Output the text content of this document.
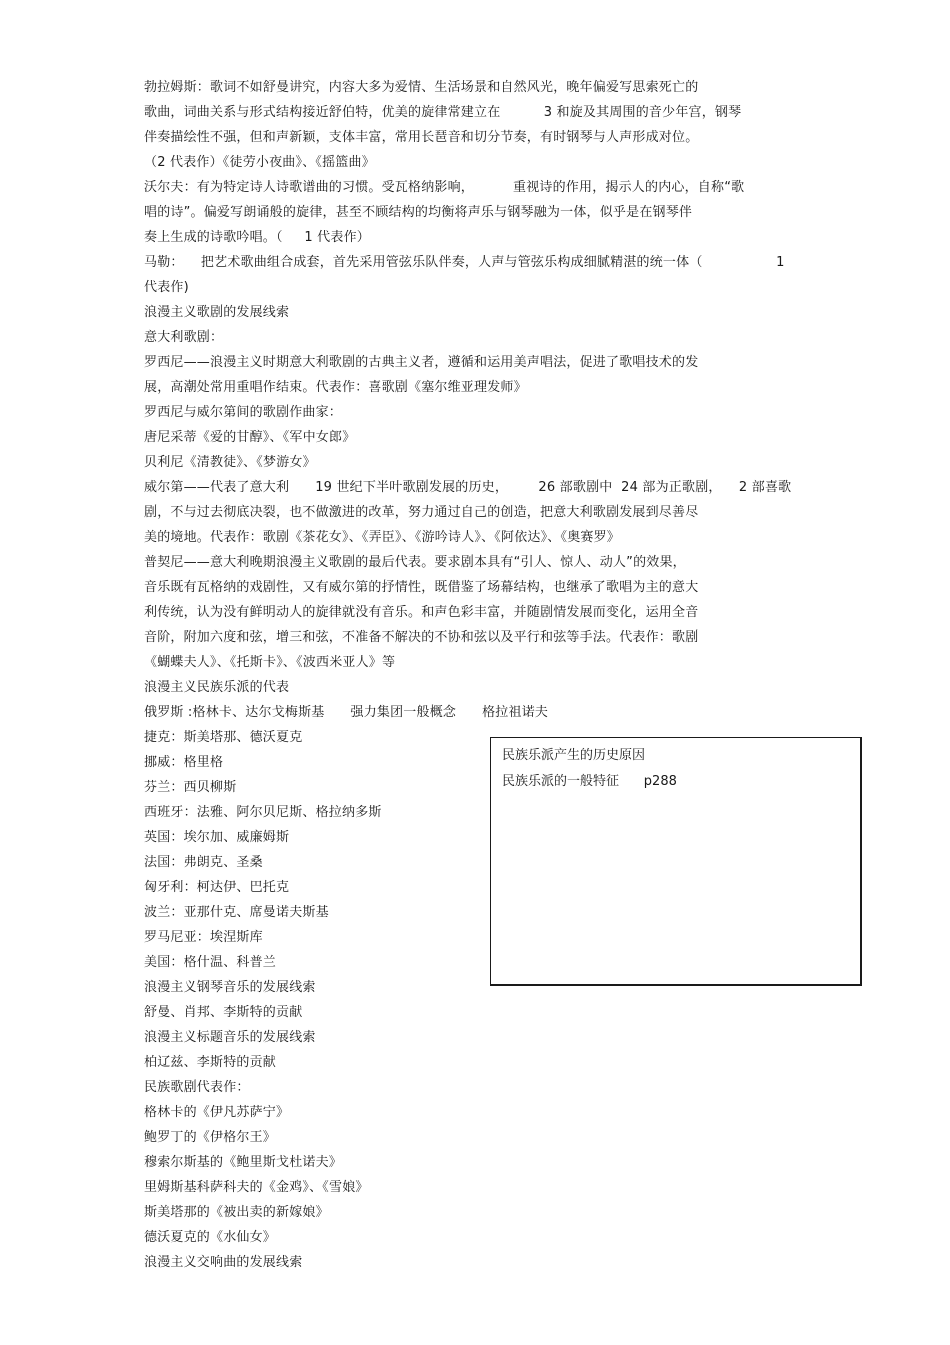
勃拉姆斯：歌词不如舒曼讲究，内容大多为爱情、生活场景和自然风光，晚年偏爱写思索死亡的
歌曲，词曲关系与形式结构接近舒伯特，优美的旋律常建立在          3 和旋及其周围的音少年宫，钢琴
伴奏描绘性不强，但和声新颖，支体丰富，常用长琶音和切分节奏，有时钢琴与人声形成对位。
（2 代表作）《徒劳小夜曲》、《摇篮曲》
沃尔夫：有为特定诗人诗歌谱曲的习惯。受瓦格纳影响，         重视诗的作用，揭示人的内心，自称“歌
唱的诗”。偏爱写朗诵般的旋律，甚至不顾结构的均衡将声乐与钢琴融为一体，似乎是在钢琴伴
奏上生成的诗歌吟唱。（     1 代表作）
马勒：    把艺术歌曲组合成套，首先采用管弦乐队伴奏，人声与管弦乐构成细腻精湛的统一体（                 1
代表作)
浪漫主义歌剧的发展线索
意大利歌剧：
罗西尼——浪漫主义时期意大利歌剧的古典主义者，遵循和运用美声唱法，促进了歌唱技术的发
展，高潮处常用重唱作结束。代表作：喜歌剧《塞尔维亚理发师》
罗西尼与威尔第间的歌剧作曲家：
唐尼采蒂《爱的甘醇》、《军中女郎》
贝利尼《清教徒》、《梦游女》
威尔第——代表了意大利      19 世纪下半叶歌剧发展的历史，       26 部歌剧中  24 部为正歌剧，    2 部喜歌
剧，不与过去彻底决裂，也不做激进的改革，努力通过自己的创造，把意大利歌剧发展到尽善尽
美的境地。代表作：歌剧《茶花女》、《弄臣》、《游吟诗人》、《阿依达》、《奥赛罗》
普契尼——意大利晚期浪漫主义歌剧的最后代表。要求剧本具有“引人、惊人、动人”的效果，
音乐既有瓦格纳的戏剧性，又有威尔第的抒情性，既借鉴了场幕结构，也继承了歌唱为主的意大
利传统，认为没有鲜明动人的旋律就没有音乐。和声色彩丰富，并随剧情发展而变化，运用全音
音阶，附加六度和弦，增三和弦，不准备不解决的不协和弦以及平行和弦等手法。代表作：歌剧
《蝴蝶夫人》、《托斯卡》、《波西米亚人》等
浪漫主义民族乐派的代表
俄罗斯 :格林卡、达尔戈梅斯基      强力集团一般概念      格拉祖诺夫
捷克：斯美塔那、德沃夏克
挪威：格里格
芬兰：西贝柳斯
西班牙：法雅、阿尔贝尼斯、格拉纳多斯
英国：埃尔加、威廉姆斯
法国：弗朗克、圣桑
匈牙利：柯达伊、巴托克
波兰：亚那什克、席曼诺夫斯基
罗马尼亚：埃涅斯库
美国：格什温、科普兰
浪漫主义钢琴音乐的发展线索
舒曼、肖邦、李斯特的贡献
浪漫主义标题音乐的发展线索
柏辽兹、李斯特的贡献
民族歌剧代表作：
格林卡的《伊凡苏萨宁》
鲍罗丁的《伊格尔王》
穆索尔斯基的《鲍里斯戈杜诺夫》
里姆斯基科萨科夫的《金鸡》、《雪娘》
斯美塔那的《被出卖的新嫁娘》
德沃夏克的《水仙女》
浪漫主义交响曲的发展线索
民族乐派产生的历史原因
民族乐派的一般特征      p288
